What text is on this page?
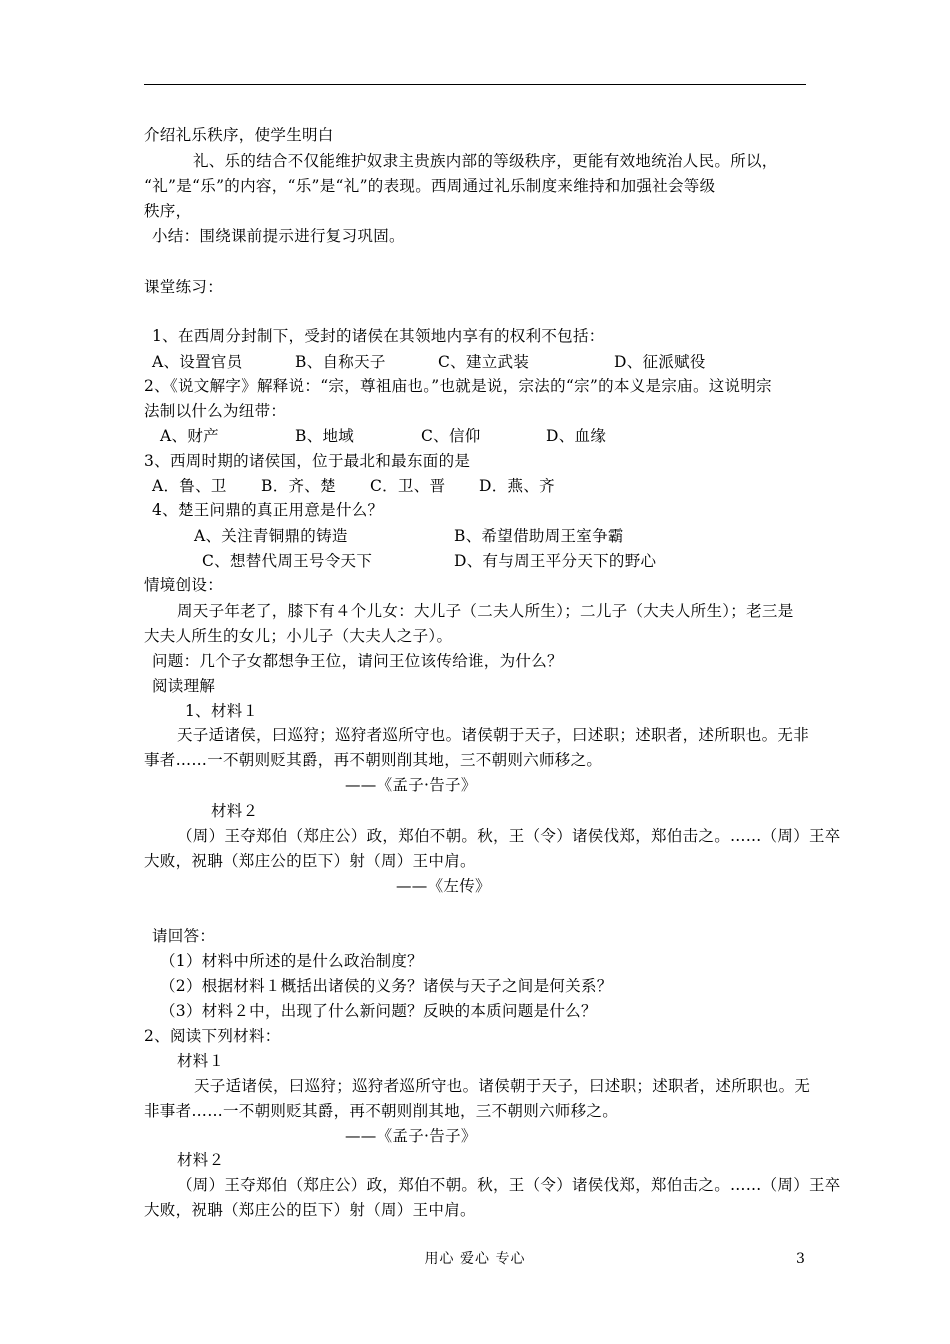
介绍礼乐秩序，使学生明白
礼、乐的结合不仅能维护奴隶主贵族内部的等级秩序，更能有效地统治人民。所以，
“礼”是“乐”的内容，“乐”是“礼”的表现。西周通过礼乐制度来维持和加强社会等级
秩序，
小结：围绕课前提示进行复习巩固。
课堂练习：
1、在西周分封制下，受封的诸侯在其领地内享有的权利不包括：
A、设置官员	B、自称天子	C、建立武装	D、征派赋役
2、《说文解字》解释说：“宗，尊祖庙也。”也就是说，宗法的“宗”的本义是宗庙。这说明宗
法制以什么为纽带：
A、财产	B、地域	C、信仰	D、血缘
3、西周时期的诸侯国，位于最北和最东面的是
A．鲁、卫 B．齐、楚 C．卫、晋 D．燕、齐
4、楚王问鼎的真正用意是什么？
A、关注青铜鼎的铸造	B、希望借助周王室争霸
C、想替代周王号令天下	D、有与周王平分天下的野心
情境创设：
周天子年老了，膝下有４个儿女：大儿子（二夫人所生）；二儿子（大夫人所生）；老三是
大夫人所生的女儿；小儿子（大夫人之子）。
问题：几个子女都想争王位，请问王位该传给谁，为什么？
阅读理解
1、材料１
天子适诸侯，曰巡狩；巡狩者巡所守也。诸侯朝于天子，曰述职；述职者，述所职也。无非
事者……一不朝则贬其爵，再不朝则削其地，三不朝则六师移之。
——《孟子·告子》
材料２
（周）王夺郑伯（郑庄公）政，郑伯不朝。秋，王（令）诸侯伐郑，郑伯击之。……（周）王卒
大败，祝聃（郑庄公的臣下）射（周）王中肩。
——《左传》
请回答：
（1）材料中所述的是什么政治制度？
（2）根据材料１概括出诸侯的义务？诸侯与天子之间是何关系？
（3）材料２中，出现了什么新问题？反映的本质问题是什么？
2、阅读下列材料：
材料１
天子适诸侯，曰巡狩；巡狩者巡所守也。诸侯朝于天子，曰述职；述职者，述所职也。无
非事者……一不朝则贬其爵，再不朝则削其地，三不朝则六师移之。
——《孟子·告子》
材料２
（周）王夺郑伯（郑庄公）政，郑伯不朝。秋，王（令）诸侯伐郑，郑伯击之。……（周）王卒
大败，祝聃（郑庄公的臣下）射（周）王中肩。
用心 爱心 专心	3
